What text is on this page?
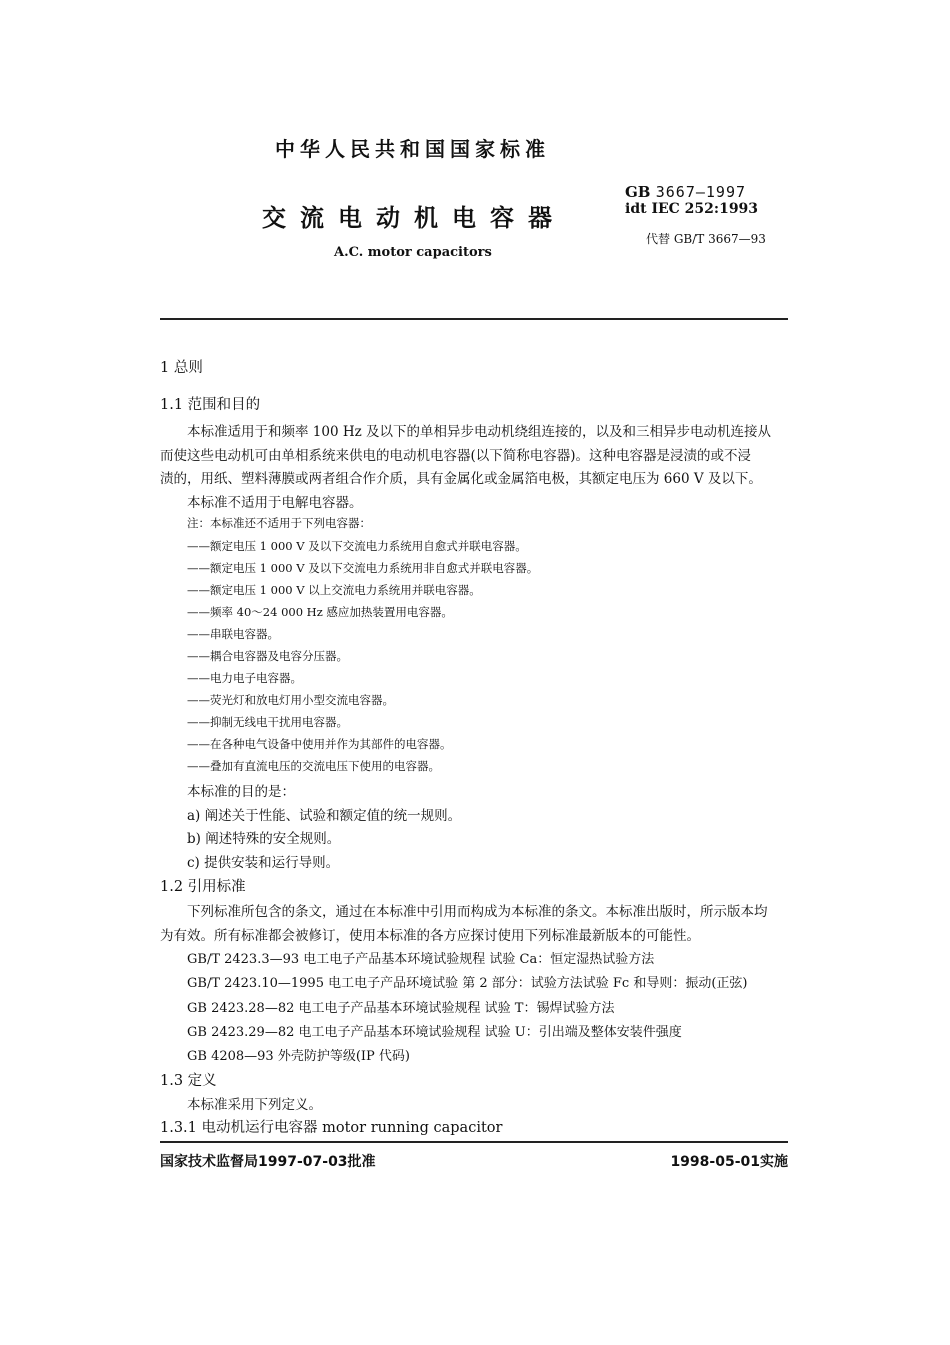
中华人民共和国国家标准
交流电动机电容器
A.C. motor capacitors
GB 3667—1997
idt IEC 252:1993
代替 GB/T 3667—93
1 总则
1.1 范围和目的
本标准适用于和频率 100 Hz 及以下的单相异步电动机绕组连接的，以及和三相异步电动机连接从
而使这些电动机可由单相系统来供电的电动机电容器(以下简称电容器)。这种电容器是浸渍的或不浸
渍的，用纸、塑料薄膜或两者组合作介质，具有金属化或金属箔电极，其额定电压为 660 V 及以下。
本标准不适用于电解电容器。
注：本标准还不适用于下列电容器：
——额定电压 1 000 V 及以下交流电力系统用自愈式并联电容器。
——额定电压 1 000 V 及以下交流电力系统用非自愈式并联电容器。
——额定电压 1 000 V 以上交流电力系统用并联电容器。
——频率 40～24 000 Hz 感应加热装置用电容器。
——串联电容器。
——耦合电容器及电容分压器。
——电力电子电容器。
——荧光灯和放电灯用小型交流电容器。
——抑制无线电干扰用电容器。
——在各种电气设备中使用并作为其部件的电容器。
——叠加有直流电压的交流电压下使用的电容器。
本标准的目的是：
a) 阐述关于性能、试验和额定值的统一规则。
b) 阐述特殊的安全规则。
c) 提供安装和运行导则。
1.2 引用标准
下列标准所包含的条文，通过在本标准中引用而构成为本标准的条文。本标准出版时，所示版本均
为有效。所有标准都会被修订，使用本标准的各方应探讨使用下列标准最新版本的可能性。
GB/T 2423.3—93 电工电子产品基本环境试验规程 试验 Ca：恒定湿热试验方法
GB/T 2423.10—1995 电工电子产品环境试验 第 2 部分：试验方法试验 Fc 和导则：振动(正弦)
GB 2423.28—82 电工电子产品基本环境试验规程 试验 T：锡焊试验方法
GB 2423.29—82 电工电子产品基本环境试验规程 试验 U：引出端及整体安装件强度
GB 4208—93 外壳防护等级(IP 代码)
1.3 定义
本标准采用下列定义。
1.3.1 电动机运行电容器 motor running capacitor
国家技术监督局1997-07-03批准	1998-05-01实施
